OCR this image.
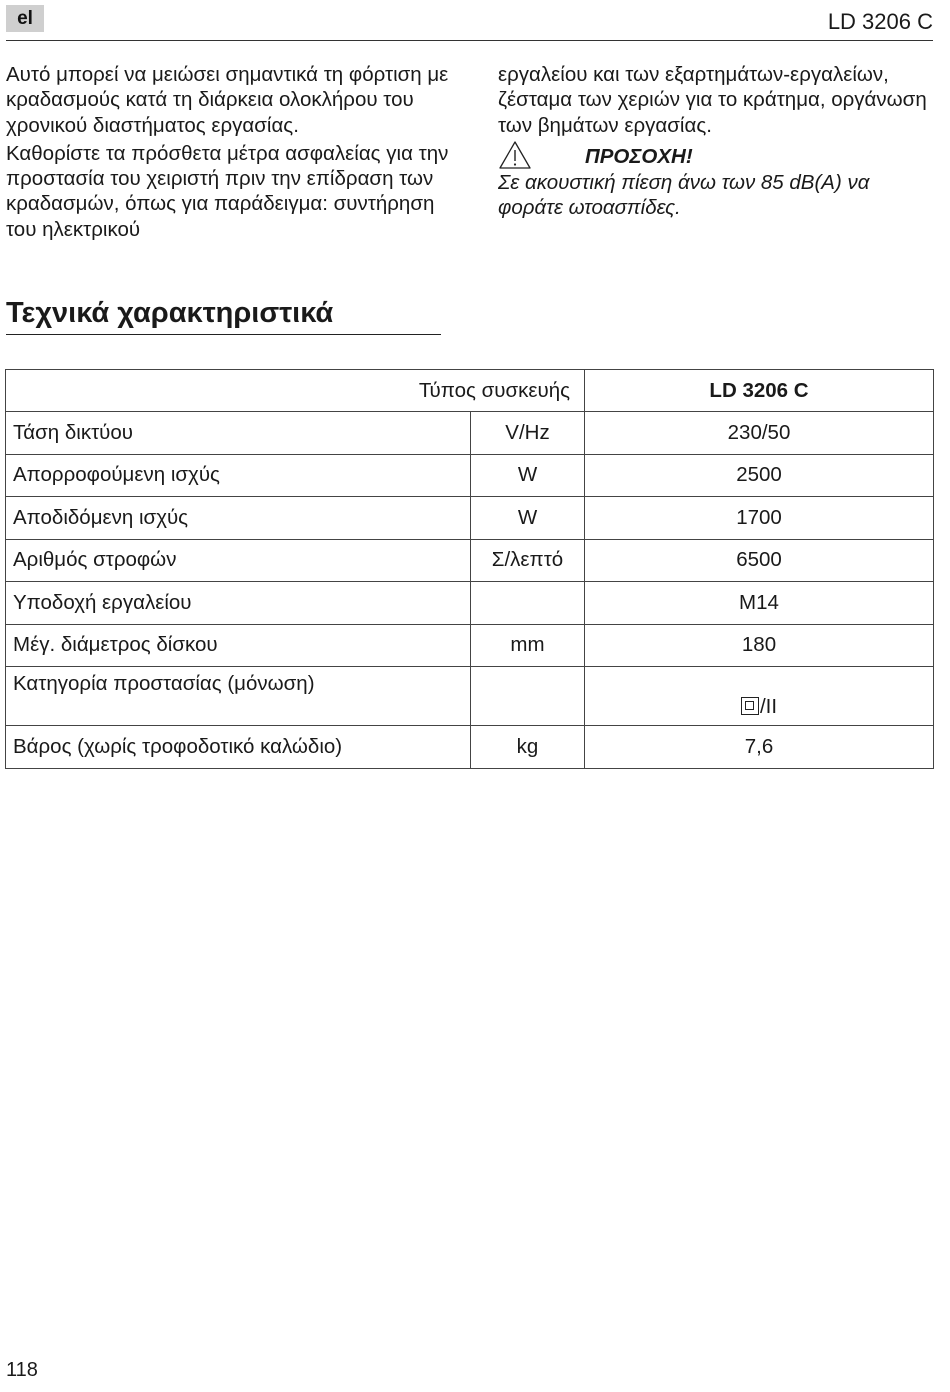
el	LD 3206 C

Αυτό μπορεί να μειώσει σημαντικά τη φόρτιση με κραδασμούς κατά τη διάρκεια ολοκλήρου του χρονικού διαστήματος εργασίας.

Καθορίστε τα πρόσθετα μέτρα ασφαλείας για την προστασία του χειριστή πριν την επίδραση των κραδασμών, όπως για παράδειγμα: συντήρηση του ηλεκτρικού

εργαλείου και των εξαρτημάτων-εργαλείων, ζέσταμα των χεριών για το κράτημα, οργάνωση των βημάτων εργασίας.

ΠΡΟΣΟΧΗ!

Σε ακουστική πίεση άνω των 85 dB(A) να φοράτε ωτοασπίδες.

Τεχνικά χαρακτηριστικά
Τύπος συσκευής		LD 3206 C
Τάση δικτύου	V/Hz	230/50
Απορροφούμενη ισχύς	W	2500
Αποδιδόμενη ισχύς	W	1700
Αριθμός στροφών	Σ/λεπτό	6500
Υποδοχή εργαλείου		M14
Μέγ. διάμετρος δίσκου	mm	180
Κατηγορία προστασίας (μόνωση)		/II
Βάρος (χωρίς τροφοδοτικό καλώδιο)	kg	7,6
118
